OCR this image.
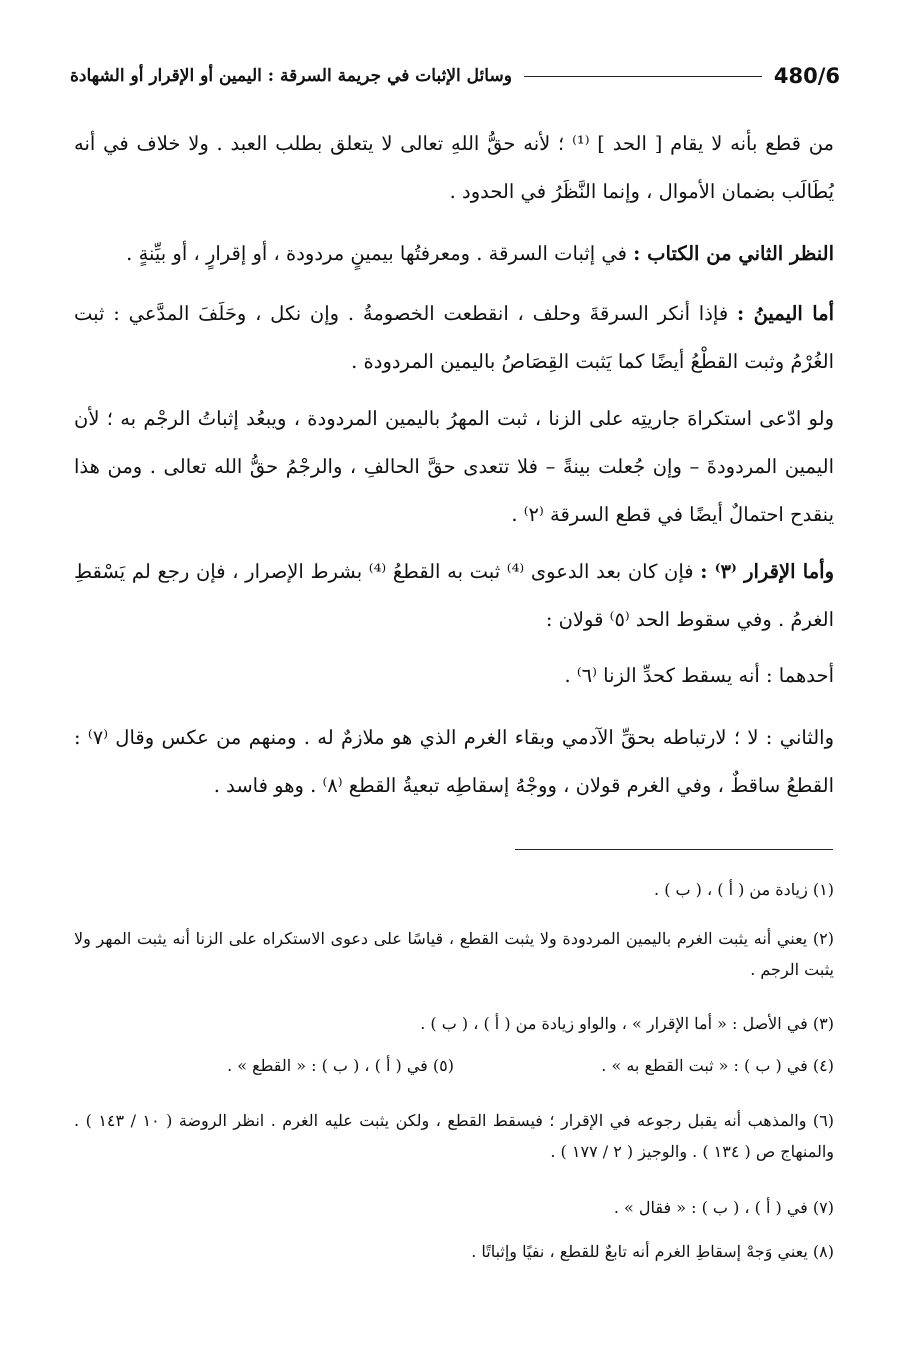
480/6
وسائل الإثبات في جريمة السرقة : اليمين أو الإقرار أو الشهادة

من قطع بأنه لا يقام [ الحد ] ⁽¹⁾ ؛ لأنه حقُّ اللهِ تعالى لا يتعلق بطلب العبد . ولا خلاف في أنه يُطَالَب بضمان الأموال ، وإنما النَّظَرُ في الحدود .

النظر الثاني من الكتاب : في إثبات السرقة . ومعرفتُها بيمينٍ مردودة ، أو إقرارٍ ، أو بيِّنةٍ .

أما اليمينُ : فإذا أنكر السرقةَ وحلف ، انقطعت الخصومةُ . وإن نكل ، وحَلَفَ المدَّعي : ثبت الغُرْمُ وثبت القطْعُ أيضًا كما يَثبت القِصَاصُ باليمين المردودة .

ولو ادّعى استكراهَ جاريتِه على الزنا ، ثبت المهرُ باليمين المردودة ، ويبعُد إثباتُ الرجْم به ؛ لأن اليمين المردودةَ – وإن جُعلت بينةً – فلا تتعدى حقَّ الحالفِ ، والرجْمُ حقُّ الله تعالى . ومن هذا ينقدح احتمالٌ أيضًا في قطع السرقة ⁽٢⁾ .

وأما الإقرار ⁽٣⁾ : فإن كان بعد الدعوى ⁽⁴⁾ ثبت به القطعُ ⁽⁴⁾ بشرط الإصرار ، فإن رجع لم يَسْقطِ الغرمُ . وفي سقوط الحد ⁽٥⁾ قولان :

أحدهما : أنه يسقط كحدِّ الزنا ⁽٦⁾ .

والثاني : لا ؛ لارتباطه بحقِّ الآدمي وبقاء الغرم الذي هو ملازمٌ له . ومنهم من عكس وقال ⁽٧⁾ : القطعُ ساقطٌ ، وفي الغرم قولان ، ووجْهُ إسقاطِه تبعيةُ القطع ⁽٨⁾ . وهو فاسد .

(١) زيادة من ( أ ) ، ( ب ) .

(٢) يعني أنه يثبت الغرم باليمين المردودة ولا يثبت القطع ، قياسًا على دعوى الاستكراه على الزنا أنه يثبت المهر ولا يثبت الرجم .

(٣) في الأصل : « أما الإقرار » ، والواو زيادة من ( أ ) ، ( ب ) .

(٤) في ( ب ) : « ثبت القطع به » .
(٥) في ( أ ) ، ( ب ) : « القطع » .

(٦) والمذهب أنه يقبل رجوعه في الإقرار ؛ فيسقط القطع ، ولكن يثبت عليه الغرم . انظر الروضة ( ١٠ / ١٤٣ ) . والمنهاج ص ( ١٣٤ ) . والوجيز ( ٢ / ١٧٧ ) .

(٧) في ( أ ) ، ( ب ) : « فقال » .

(٨) يعني وَجهْ إسقاطِ الغرم أنه تابعٌ للقطع ، نفيًا وإثباتًا .
